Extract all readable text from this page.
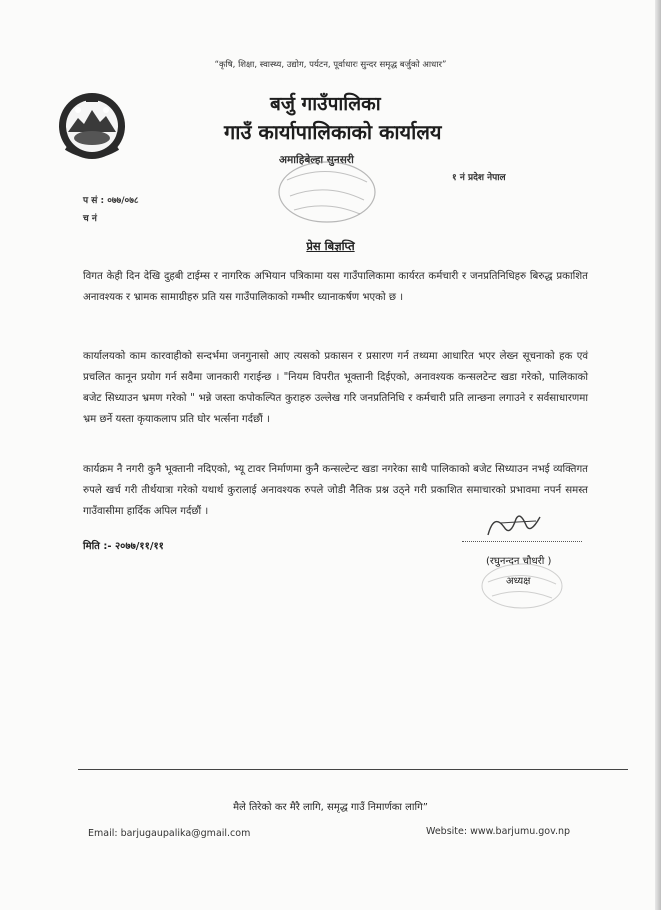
“कृषि, शिक्षा, स्वास्थ्य, उद्योग, पर्यटन, पूर्वाधारः सुन्दर समृद्ध बर्जुको आधार”
बर्जु गाउँपालिका
गाउँ कार्यापालिकाको कार्यालय
अमाहिबेल्हा सुनसरी
१ नं प्रदेश नेपाल
प सं : ०७७/०७८
च नं
प्रेस बिज्ञप्ति
विगत केही दिन देखि दुहबी टाईम्स र नागरिक अभियान पत्रिकामा यस गाउँपालिकामा कार्यरत कर्मचारी र जनप्रतिनिधिहरु बिरुद्ध प्रकाशित अनावश्यक र भ्रामक सामाग्रीहरु प्रति यस गाउँपालिकाको गम्भीर ध्यानाकर्षण भएको छ ।
कार्यालयको काम कारवाहीको सन्दर्भमा जनगुनासो आए त्यसको प्रकासन र प्रसारण गर्न तथ्यमा आधारित भएर लेख्न सूचनाको हक एवं प्रचलित कानून प्रयोग गर्न सवैमा जानकारी गराईन्छ । "नियम विपरीत भूक्तानी दिईएको, अनावश्यक कन्सलटेन्ट खडा गरेको, पालिकाको बजेट सिध्याउन भ्रमण गरेको " भन्ने जस्ता कपोकल्पित कुराहरु उल्लेख गरि जनप्रतिनिधि र कर्मचारी प्रति लान्छना लगाउने र सर्वसाधारणमा भ्रम छर्ने यस्ता कृयाकलाप प्रति घोर भर्त्सना गर्दछौं ।
कार्यक्रम नै नगरी कुनै भूक्तानी नदिएको, भ्यू टावर निर्माणमा कुनै कन्सल्टेन्ट खडा नगरेका साथै पालिकाको बजेट सिध्याउन नभई व्यक्तिगत रुपले खर्च गरी तीर्थयात्रा गरेको यथार्थ कुरालाई अनावश्यक रुपले जोडी नैतिक प्रश्न उठ्ने गरी प्रकाशित समाचारको प्रभावमा नपर्न समस्त गाउँवासीमा हार्दिक अपिल गर्दछौं ।
मिति :- २०७७/११/११
(रघुनन्दन चौधरी )
अध्यक्ष
मैले तिरेको कर मैरै लागि, समृद्ध गाउँ निमार्णका लागि”
Email: barjugaupalika@gmail.com	Website: www.barjumu.gov.np
